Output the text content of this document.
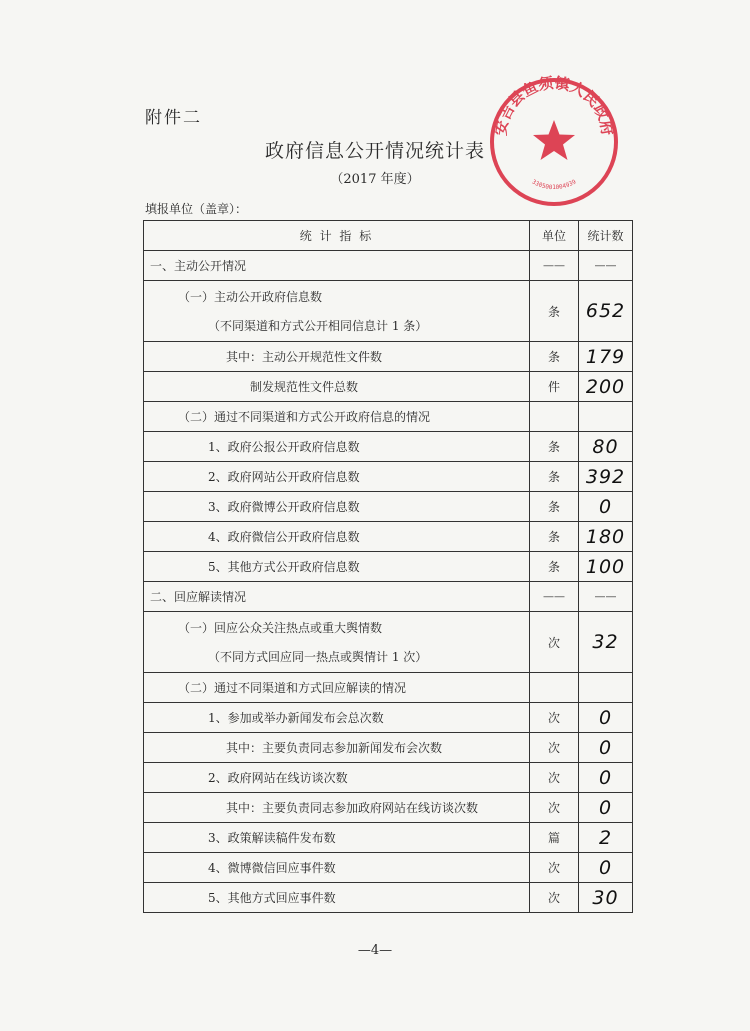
附件二
政府信息公开情况统计表
（2017 年度）
填报单位（盖章）：
安吉县鱼须镇人民政府
3305001004939
统 计 指 标	单位	统计数
一、主动公开情况	——	——

（一）主动公开政府信息数
（不同渠道和方式公开相同信息计 1 条）	条	652
其中：主动公开规范性文件数	条	179
制发规范性文件总数	件	200
（二）通过不同渠道和方式公开政府信息的情况		
1、政府公报公开政府信息数	条	80
2、政府网站公开政府信息数	条	392
3、政府微博公开政府信息数	条	0
4、政府微信公开政府信息数	条	180
5、其他方式公开政府信息数	条	100
二、回应解读情况	——	——

（一）回应公众关注热点或重大舆情数
（不同方式回应同一热点或舆情计 1 次）	次	32
（二）通过不同渠道和方式回应解读的情况		
1、参加或举办新闻发布会总次数	次	0
其中：主要负责同志参加新闻发布会次数	次	0
2、政府网站在线访谈次数	次	0
其中：主要负责同志参加政府网站在线访谈次数	次	0
3、政策解读稿件发布数	篇	2
4、微博微信回应事件数	次	0
5、其他方式回应事件数	次	30
—4—
